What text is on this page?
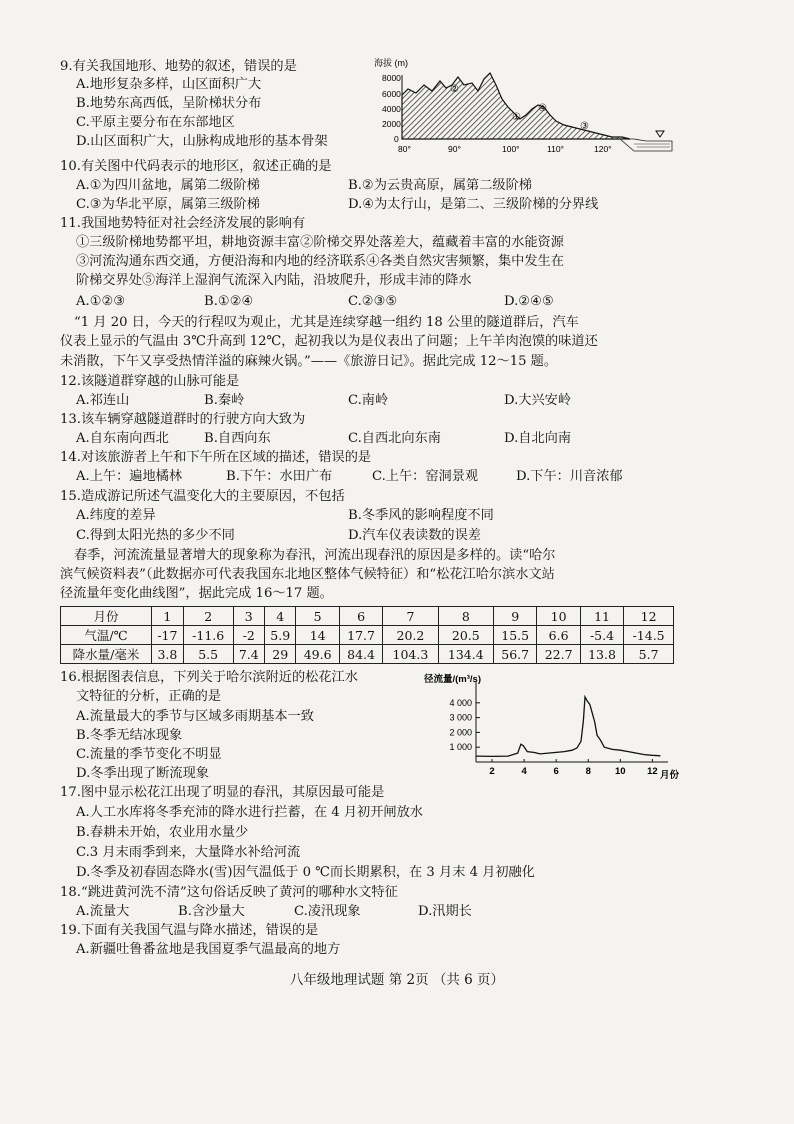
9.有关我国地形、地势的叙述，错误的是
A.地形复杂多样，山区面积广大
B.地势东高西低，呈阶梯状分布
C.平原主要分布在东部地区
D.山区面积广大，山脉构成地形的基本骨架
海拔 (m)
8000
6000
4000
2000
0
②
①
④
③
80°	90°	100°	110°	120°
10.有关图中代码表示的地形区，叙述正确的是
A.①为四川盆地，属第二级阶梯	B.②为云贵高原，属第二级阶梯
C.③为华北平原，属第三级阶梯	D.④为太行山，是第二、三级阶梯的分界线
11.我国地势特征对社会经济发展的影响有
①三级阶梯地势都平坦，耕地资源丰富②阶梯交界处落差大，蕴藏着丰富的水能资源
③河流沟通东西交通，方便沿海和内地的经济联系④各类自然灾害频繁，集中发生在
阶梯交界处⑤海洋上湿润气流深入内陆，沿坡爬升，形成丰沛的降水
A.①②③	B.①②④	C.②③⑤	D.②④⑤
“1 月 20 日，今天的行程叹为观止，尤其是连续穿越一组约 18 公里的隧道群后，汽车
仪表上显示的气温由 3℃升高到 12℃，起初我以为是仪表出了问题；上午羊肉泡馍的味道还
未消散，下午又享受热情洋溢的麻辣火锅。”——《旅游日记》。据此完成 12～15 题。
12.该隧道群穿越的山脉可能是
A.祁连山	B.秦岭	C.南岭	D.大兴安岭
13.该车辆穿越隧道群时的行驶方向大致为
A.自东南向西北	B.自西向东	C.自西北向东南	D.自北向南
14.对该旅游者上午和下午所在区域的描述，错误的是
A.上午：遍地橘林	B.下午：水田广布	C.上午：窑洞景观	D.下午：川音浓郁
15.造成游记所述气温变化大的主要原因，不包括
A.纬度的差异	B.冬季风的影响程度不同
C.得到太阳光热的多少不同	D.汽车仪表读数的误差
春季，河流流量显著增大的现象称为春汛，河流出现春汛的原因是多样的。读“哈尔
滨气候资料表”（此数据亦可代表我国东北地区整体气候特征）和“松花江哈尔滨水文站
径流量年变化曲线图”，据此完成 16～17 题。
月份	1	2	3	4	5	6	7	8	9	10	11	12
气温/℃	-17	-11.6	-2	5.9	14	17.7	20.2	20.5	15.5	6.6	-5.4	-14.5
降水量/毫米	3.8	5.5	7.4	29	49.6	84.4	104.3	134.4	56.7	22.7	13.8	5.7
16.根据图表信息，下列关于哈尔滨附近的松花江水
文特征的分析，正确的是
A.流量最大的季节与区域多雨期基本一致
B.冬季无结冰现象
C.流量的季节变化不明显
D.冬季出现了断流现象
径流量/(m³/s)
月份
4 000
3 000
2 000
1 000
2	4	6	8	10 12
17.图中显示松花江出现了明显的春汛，其原因最可能是
A.人工水库将冬季充沛的降水进行拦蓄，在 4 月初开闸放水
B.春耕未开始，农业用水量少
C.3 月末雨季到来，大量降水补给河流
D.冬季及初春固态降水(雪)因气温低于 0 ℃而长期累积，在 3 月末 4 月初融化
18.“跳进黄河洗不清”这句俗话反映了黄河的哪种水文特征
A.流量大	B.含沙量大	C.凌汛现象	D.汛期长
19.下面有关我国气温与降水描述，错误的是
A.新疆吐鲁番盆地是我国夏季气温最高的地方
八年级地理试题 第 2页 （共 6 页）
